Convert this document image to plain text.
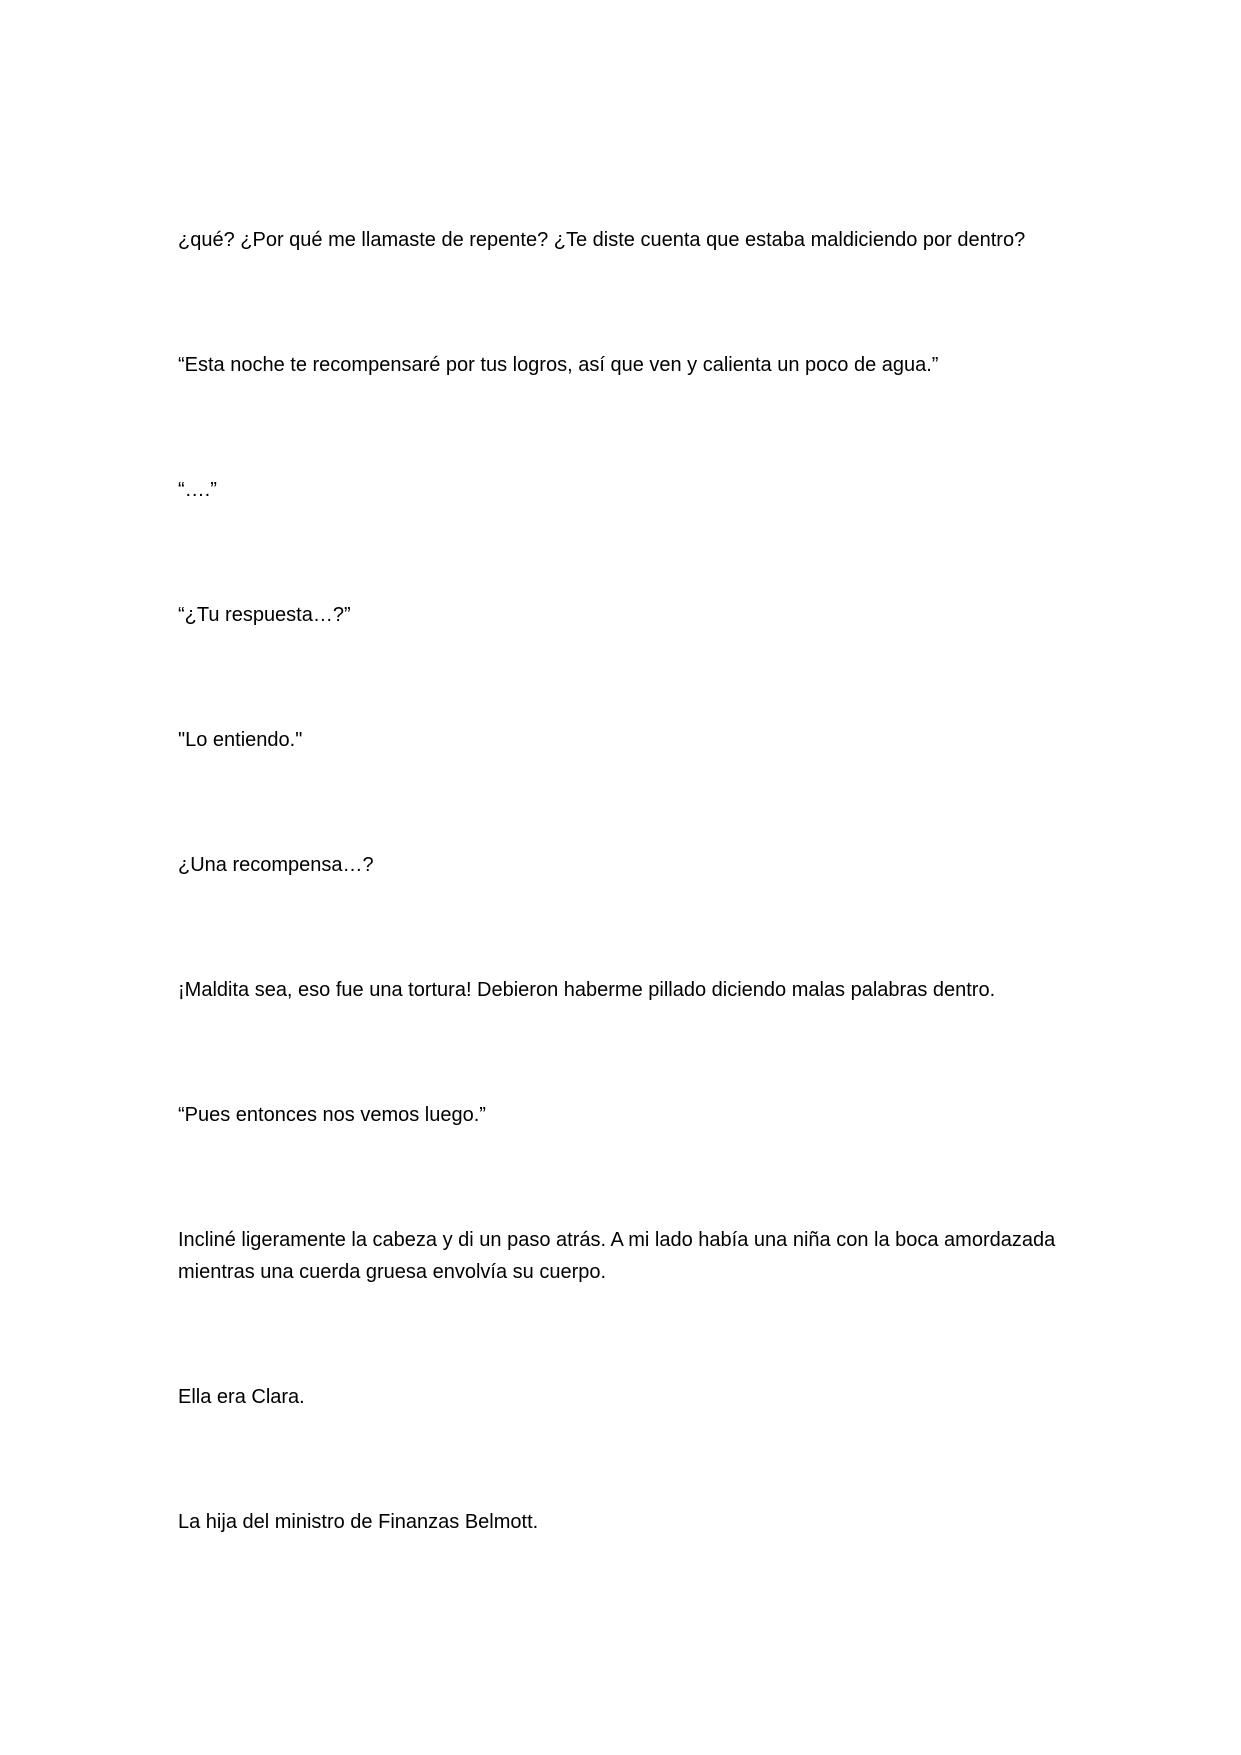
¿qué? ¿Por qué me llamaste de repente? ¿Te diste cuenta que estaba maldiciendo por dentro?

“Esta noche te recompensaré por tus logros, así que ven y calienta un poco de agua.”

“….”

“¿Tu respuesta…?”

"Lo entiendo."

¿Una recompensa…?

¡Maldita sea, eso fue una tortura! Debieron haberme pillado diciendo malas palabras dentro.

“Pues entonces nos vemos luego.”

Incliné ligeramente la cabeza y di un paso atrás. A mi lado había una niña con la boca amordazada mientras una cuerda gruesa envolvía su cuerpo.

Ella era Clara.

La hija del ministro de Finanzas Belmott.
